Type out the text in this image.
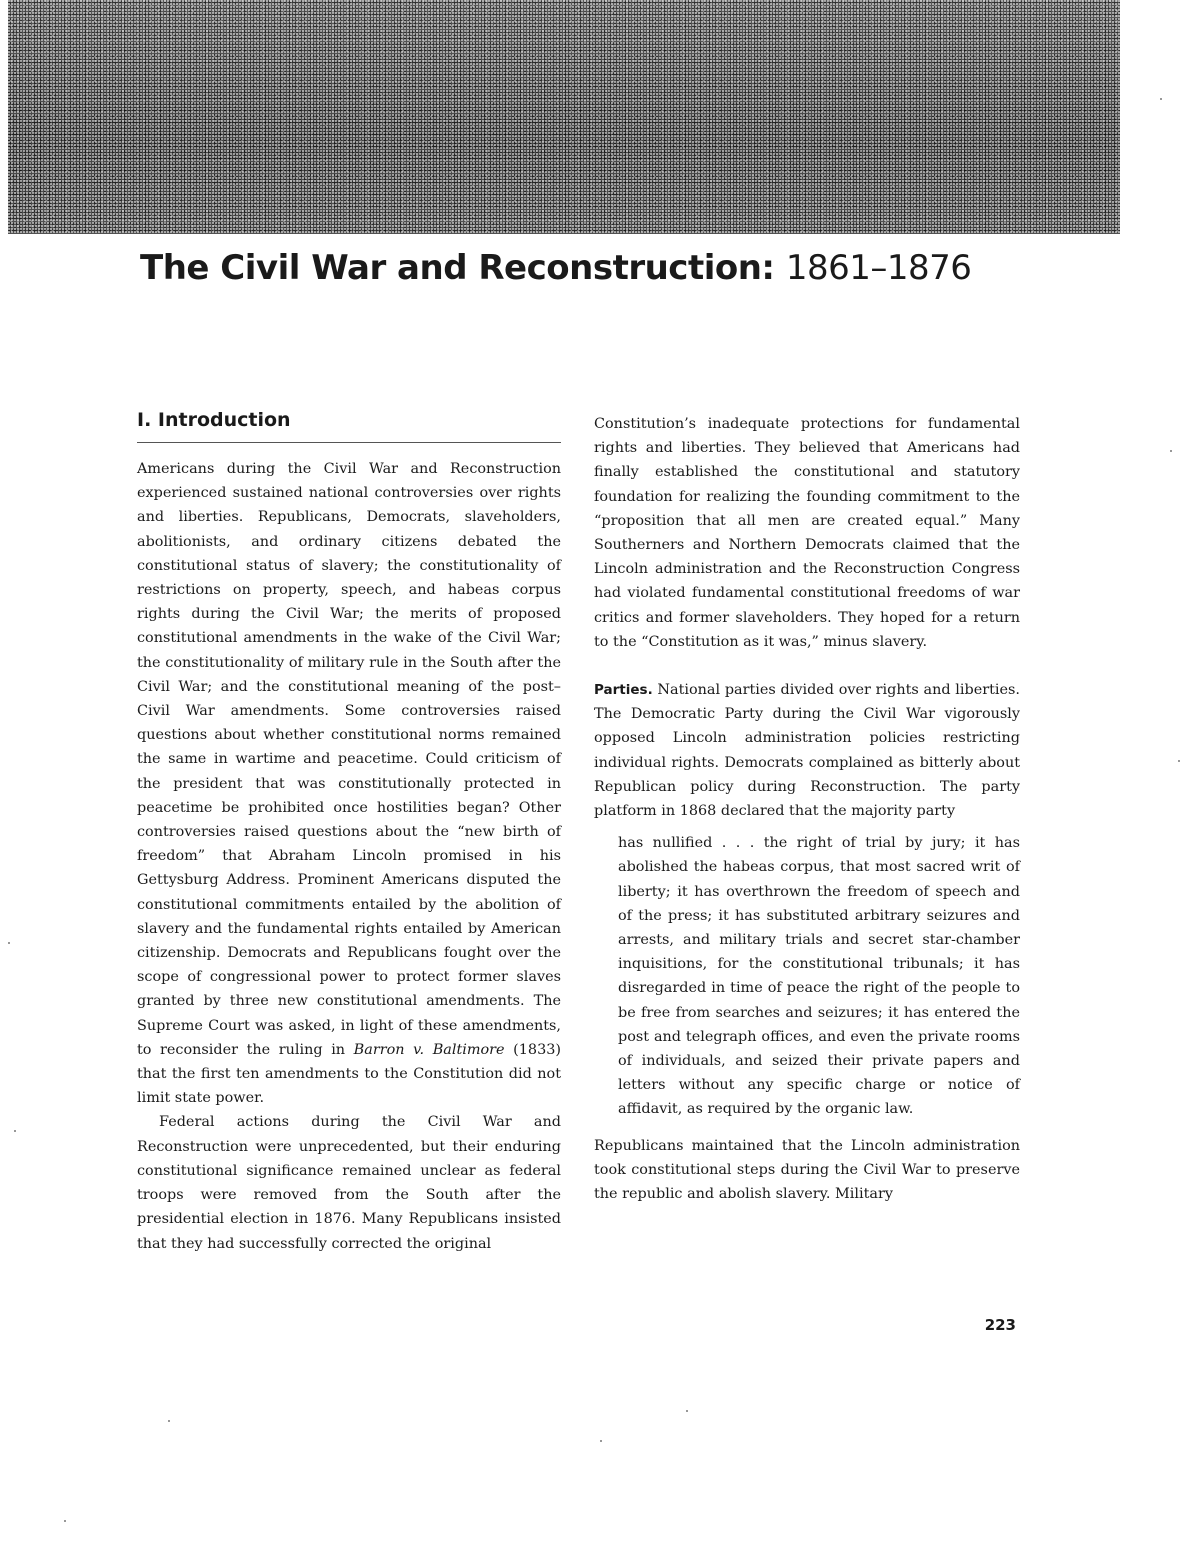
The Civil War and Reconstruction: 1861–1876
I. Introduction

Americans during the Civil War and Reconstruction experienced sustained national controversies over rights and liberties. Republicans, Democrats, slaveholders, abolitionists, and ordinary citizens debated the constitutional status of slavery; the constitutionality of restrictions on property, speech, and habeas corpus rights during the Civil War; the merits of proposed constitutional amendments in the wake of the Civil War; the constitutionality of military rule in the South after the Civil War; and the constitutional meaning of the post–Civil War amendments. Some controversies raised questions about whether constitutional norms remained the same in wartime and peacetime. Could criticism of the president that was constitutionally protected in peacetime be prohibited once hostilities began? Other controversies raised questions about the “new birth of freedom” that Abraham Lincoln promised in his Gettysburg Address. Prominent Americans disputed the constitutional commitments entailed by the abolition of slavery and the fundamental rights entailed by American citizenship. Democrats and Republicans fought over the scope of congressional power to protect former slaves granted by three new constitutional amendments. The Supreme Court was asked, in light of these amendments, to reconsider the ruling in Barron v. Baltimore (1833) that the first ten amendments to the Constitution did not limit state power.

Federal actions during the Civil War and Reconstruction were unprecedented, but their enduring constitutional significance remained unclear as federal troops were removed from the South after the presidential election in 1876. Many Republicans insisted that they had successfully corrected the original

Constitution’s inadequate protections for fundamental rights and liberties. They believed that Americans had finally established the constitutional and statutory foundation for realizing the founding commitment to the “proposition that all men are created equal.” Many Southerners and Northern Democrats claimed that the Lincoln administration and the Reconstruction Congress had violated fundamental constitutional freedoms of war critics and former slaveholders. They hoped for a return to the “Constitution as it was,” minus slavery.

Parties. National parties divided over rights and liberties. The Democratic Party during the Civil War vigorously opposed Lincoln administration policies restricting individual rights. Democrats complained as bitterly about Republican policy during Reconstruction. The party platform in 1868 declared that the majority party

has nullified . . . the right of trial by jury; it has abolished the habeas corpus, that most sacred writ of liberty; it has overthrown the freedom of speech and of the press; it has substituted arbitrary seizures and arrests, and military trials and secret star-chamber inquisitions, for the constitutional tribunals; it has disregarded in time of peace the right of the people to be free from searches and seizures; it has entered the post and telegraph offices, and even the private rooms of individuals, and seized their private papers and letters without any specific charge or notice of affidavit, as required by the organic law.

Republicans maintained that the Lincoln administration took constitutional steps during the Civil War to preserve the republic and abolish slavery. Military

223
